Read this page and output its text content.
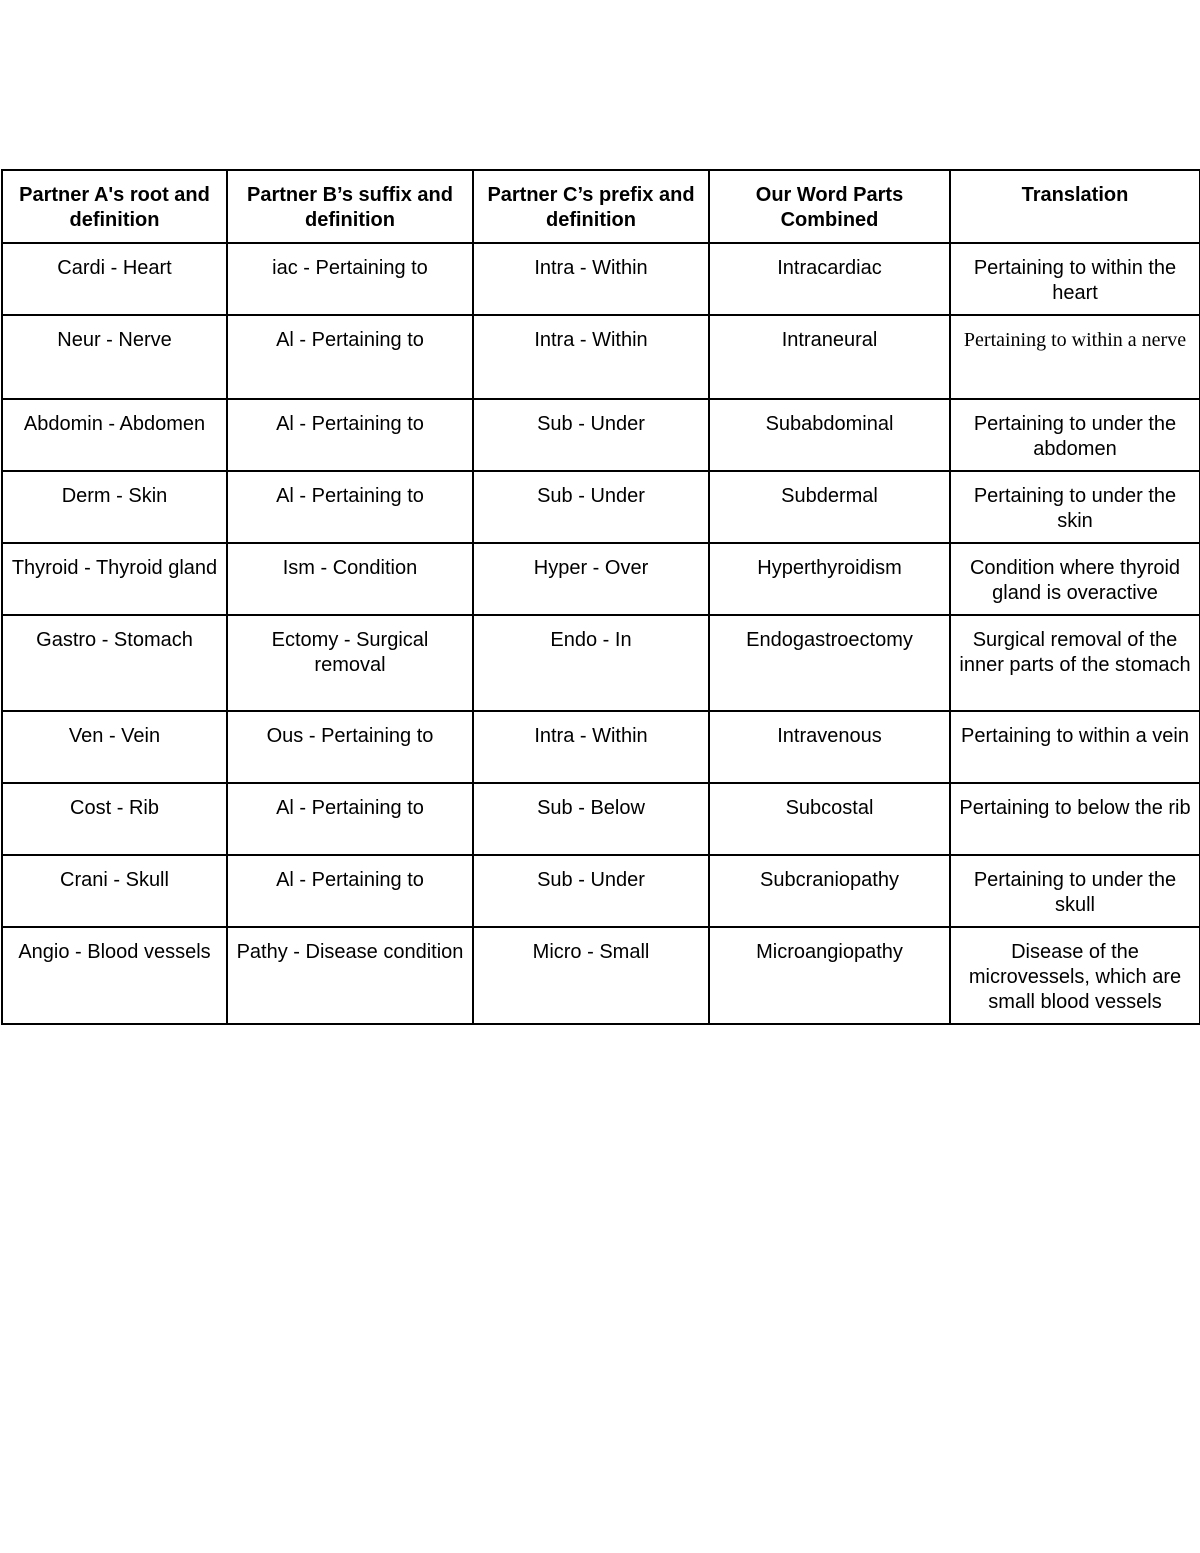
Partner A's root and definition	Partner B’s suffix and definition	Partner C’s prefix and definition	Our Word Parts Combined	Translation
Cardi - Heart	iac - Pertaining to	Intra - Within	Intracardiac	Pertaining to within the heart
Neur - Nerve	Al - Pertaining to	Intra - Within	Intraneural	Pertaining to within a nerve
Abdomin - Abdomen	Al - Pertaining to	Sub - Under	Subabdominal	Pertaining to under the abdomen
Derm - Skin	Al - Pertaining to	Sub - Under	Subdermal	Pertaining to under the skin
Thyroid - Thyroid gland	Ism - Condition	Hyper - Over	Hyperthyroidism	Condition where thyroid gland is overactive
Gastro - Stomach	Ectomy - Surgical removal	Endo - In	Endogastroectomy	Surgical removal of the inner parts of the stomach
Ven - Vein	Ous - Pertaining to	Intra - Within	Intravenous	Pertaining to within a vein
Cost - Rib	Al - Pertaining to	Sub - Below	Subcostal	Pertaining to below the rib
Crani - Skull	Al - Pertaining to	Sub - Under	Subcraniopathy	Pertaining to under the skull
Angio - Blood vessels	Pathy - Disease condition	Micro - Small	Microangiopathy	Disease of the microvessels, which are small blood vessels
